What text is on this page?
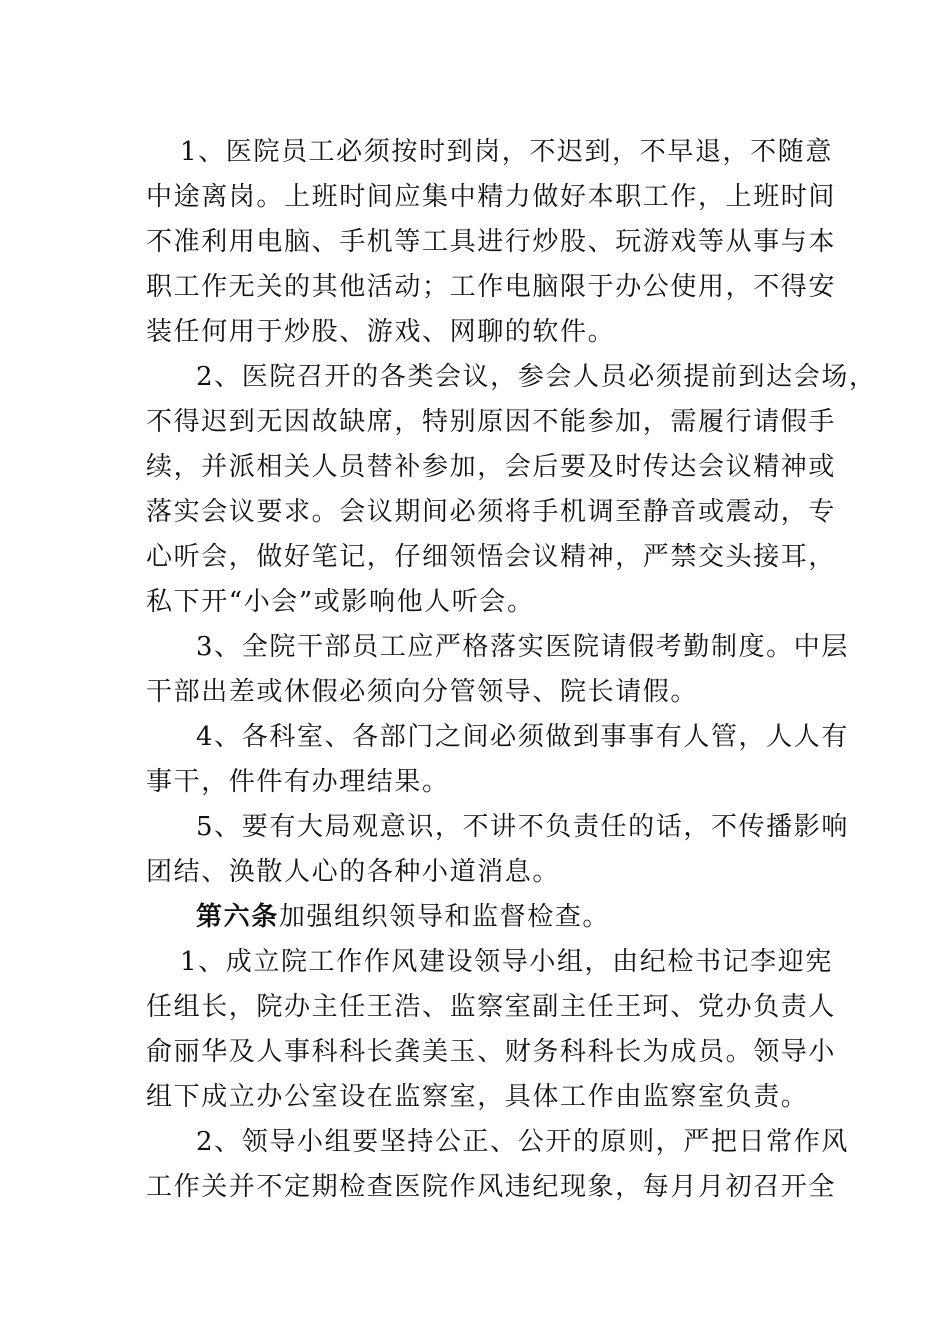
1、医院员工必须按时到岗，不迟到，不早退，不随意
中途离岗。上班时间应集中精力做好本职工作，上班时间
不准利用电脑、手机等工具进行炒股、玩游戏等从事与本
职工作无关的其他活动；工作电脑限于办公使用，不得安
装任何用于炒股、游戏、网聊的软件。
2、医院召开的各类会议，参会人员必须提前到达会场，
不得迟到无因故缺席，特别原因不能参加，需履行请假手
续，并派相关人员替补参加，会后要及时传达会议精神或
落实会议要求。会议期间必须将手机调至静音或震动，专
心听会，做好笔记，仔细领悟会议精神，严禁交头接耳，
私下开“小会”或影响他人听会。
3、全院干部员工应严格落实医院请假考勤制度。中层
干部出差或休假必须向分管领导、院长请假。
4、各科室、各部门之间必须做到事事有人管，人人有
事干，件件有办理结果。
5、要有大局观意识，不讲不负责任的话，不传播影响
团结、涣散人心的各种小道消息。
第六条加强组织领导和监督检查。
1、成立院工作作风建设领导小组，由纪检书记李迎宪
任组长，院办主任王浩、监察室副主任王珂、党办负责人
俞丽华及人事科科长龚美玉、财务科科长为成员。领导小
组下成立办公室设在监察室，具体工作由监察室负责。
2、领导小组要坚持公正、公开的原则，严把日常作风
工作关并不定期检查医院作风违纪现象，每月月初召开全
